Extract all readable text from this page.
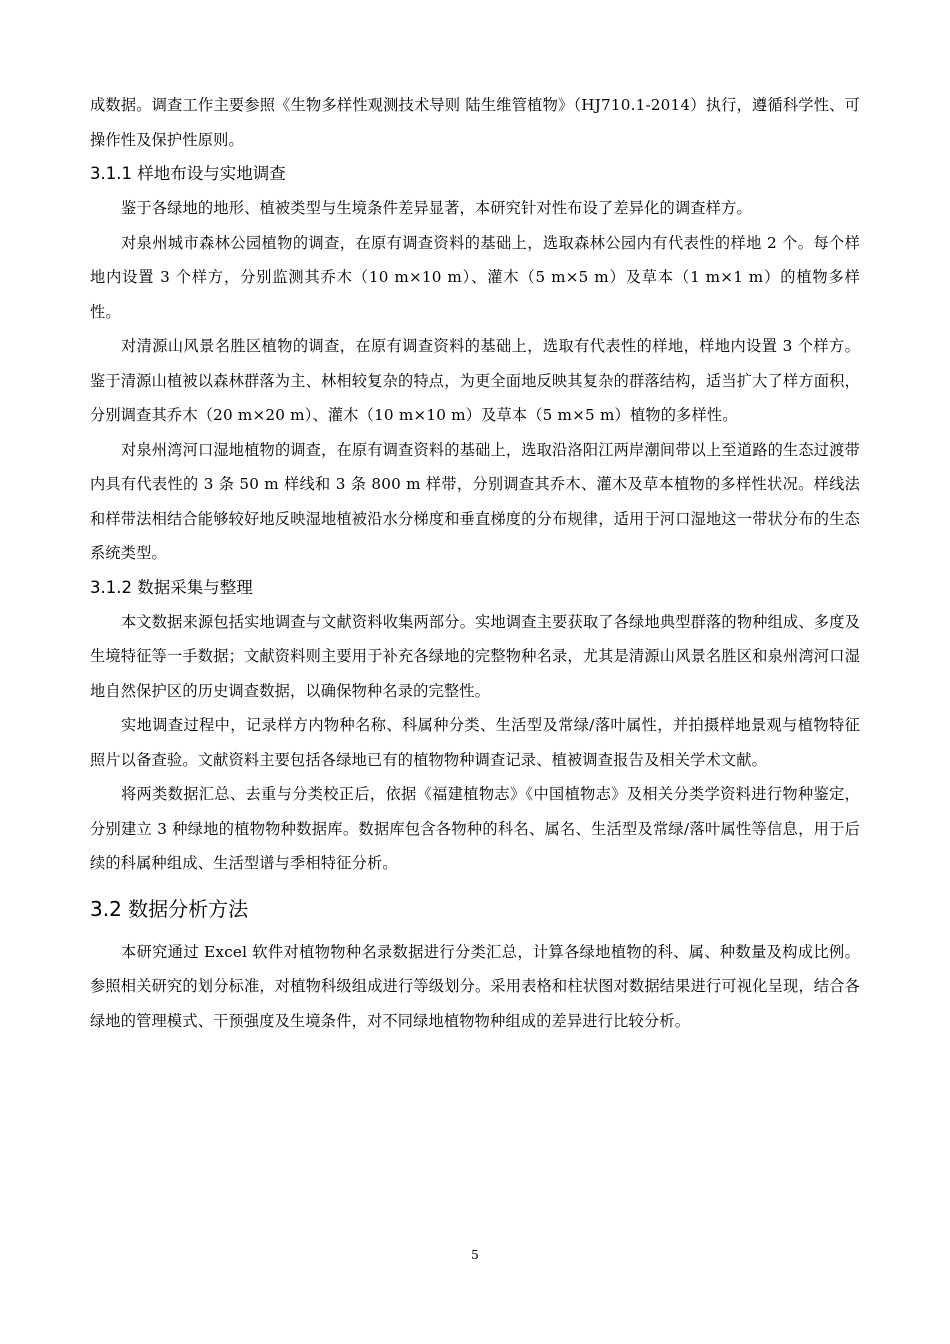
成数据。调查工作主要参照《生物多样性观测技术导则 陆生维管植物》（HJ710.1-2014）执行，遵循科学性、可操作性及保护性原则。

3.1.1 样地布设与实地调查

鉴于各绿地的地形、植被类型与生境条件差异显著，本研究针对性布设了差异化的调查样方。

对泉州城市森林公园植物的调查，在原有调查资料的基础上，选取森林公园内有代表性的样地 2 个。每个样地内设置 3 个样方，分别监测其乔木（10 m×10 m）、灌木（5 m×5 m）及草本（1 m×1 m）的植物多样性。

对清源山风景名胜区植物的调查，在原有调查资料的基础上，选取有代表性的样地，样地内设置 3 个样方。鉴于清源山植被以森林群落为主、林相较复杂的特点，为更全面地反映其复杂的群落结构，适当扩大了样方面积，分别调查其乔木（20 m×20 m）、灌木（10 m×10 m）及草本（5 m×5 m）植物的多样性。

对泉州湾河口湿地植物的调查，在原有调查资料的基础上，选取沿洛阳江两岸潮间带以上至道路的生态过渡带内具有代表性的 3 条 50 m 样线和 3 条 800 m 样带，分别调查其乔木、灌木及草本植物的多样性状况。样线法和样带法相结合能够较好地反映湿地植被沿水分梯度和垂直梯度的分布规律，适用于河口湿地这一带状分布的生态系统类型。

3.1.2 数据采集与整理

本文数据来源包括实地调查与文献资料收集两部分。实地调查主要获取了各绿地典型群落的物种组成、多度及生境特征等一手数据；文献资料则主要用于补充各绿地的完整物种名录，尤其是清源山风景名胜区和泉州湾河口湿地自然保护区的历史调查数据，以确保物种名录的完整性。

实地调查过程中，记录样方内物种名称、科属种分类、生活型及常绿/落叶属性，并拍摄样地景观与植物特征照片以备查验。文献资料主要包括各绿地已有的植物物种调查记录、植被调查报告及相关学术文献。

将两类数据汇总、去重与分类校正后，依据《福建植物志》《中国植物志》及相关分类学资料进行物种鉴定，分别建立 3 种绿地的植物物种数据库。数据库包含各物种的科名、属名、生活型及常绿/落叶属性等信息，用于后续的科属种组成、生活型谱与季相特征分析。

3.2 数据分析方法

本研究通过 Excel 软件对植物物种名录数据进行分类汇总，计算各绿地植物的科、属、种数量及构成比例。参照相关研究的划分标准，对植物科级组成进行等级划分。采用表格和柱状图对数据结果进行可视化呈现，结合各绿地的管理模式、干预强度及生境条件，对不同绿地植物物种组成的差异进行比较分析。

5
